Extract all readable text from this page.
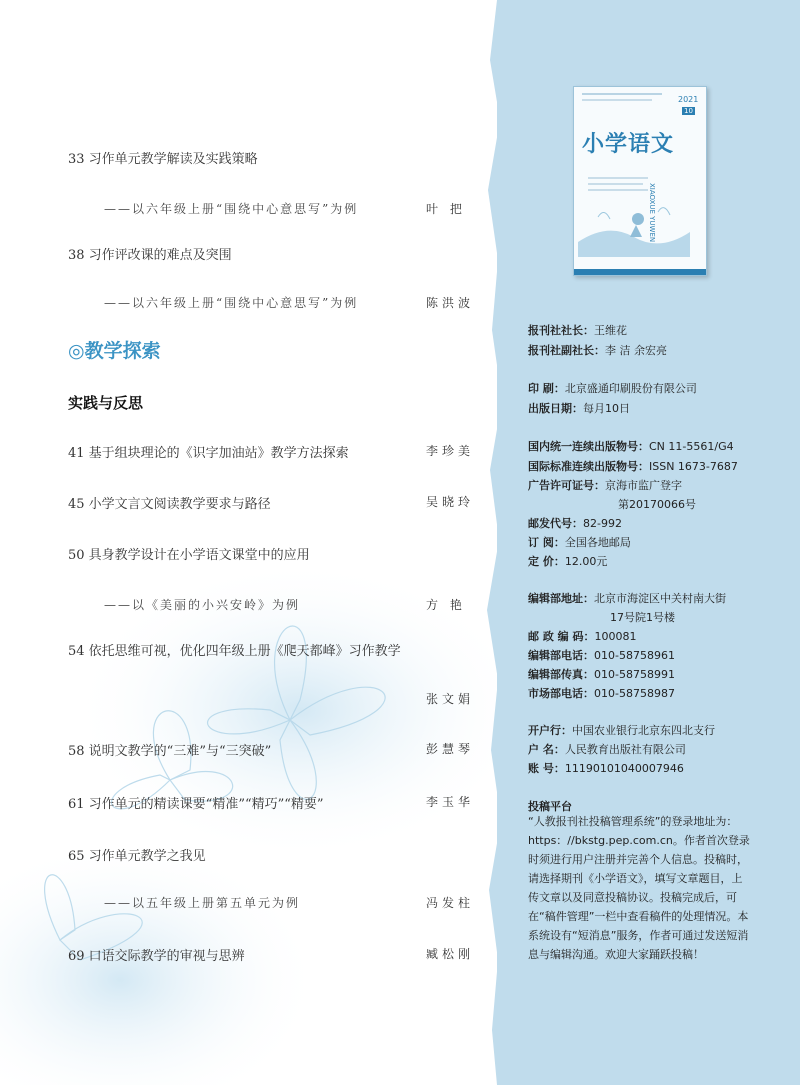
2021
10
小学语文
XIAOXUE YUWEN
33 习作单元教学解读及实践策略
——以六年级上册“围绕中心意思写”为例	叶 把
38 习作评改课的难点及突围
——以六年级上册“围绕中心意思写”为例	陈洪波
◎教学探索
实践与反思
41 基于组块理论的《识字加油站》教学方法探索	李珍美
45 小学文言文阅读教学要求与路径	吴晓玲
50 具身教学设计在小学语文课堂中的应用
——以《美丽的小兴安岭》为例	方 艳
54 依托思维可视，优化四年级上册《爬天都峰》习作教学
张文娟
58 说明文教学的“三难”与“三突破”	彭慧琴
61 习作单元的精读课要“精准”“精巧”“精要”	李玉华
65 习作单元教学之我见
——以五年级上册第五单元为例	冯发柱
69 口语交际教学的审视与思辨	臧松刚
报刊社社长：王维花
报刊社副社长：李 洁 余宏亮
印 刷：北京盛通印刷股份有限公司
出版日期：每月10日
国内统一连续出版物号：CN 11-5561/G4
国际标准连续出版物号：ISSN 1673-7687
广告许可证号：京海市监广登字
第20170066号
邮发代号：82-992
订 阅：全国各地邮局
定 价：12.00元
编辑部地址：北京市海淀区中关村南大街
17号院1号楼
邮 政 编 码：100081
编辑部电话：010-58758961
编辑部传真：010-58758991
市场部电话：010-58758987
开户行：中国农业银行北京东四北支行
户 名：人民教育出版社有限公司
账 号：11190101040007946
投稿平台
“人教报刊社投稿管理系统”的登录地址为：https：//bkstg.pep.com.cn。作者首次登录时须进行用户注册并完善个人信息。投稿时，请选择期刊《小学语文》，填写文章题目，上传文章以及同意投稿协议。投稿完成后，可在“稿件管理”一栏中查看稿件的处理情况。本系统设有“短消息”服务，作者可通过发送短消息与编辑沟通。欢迎大家踊跃投稿！
